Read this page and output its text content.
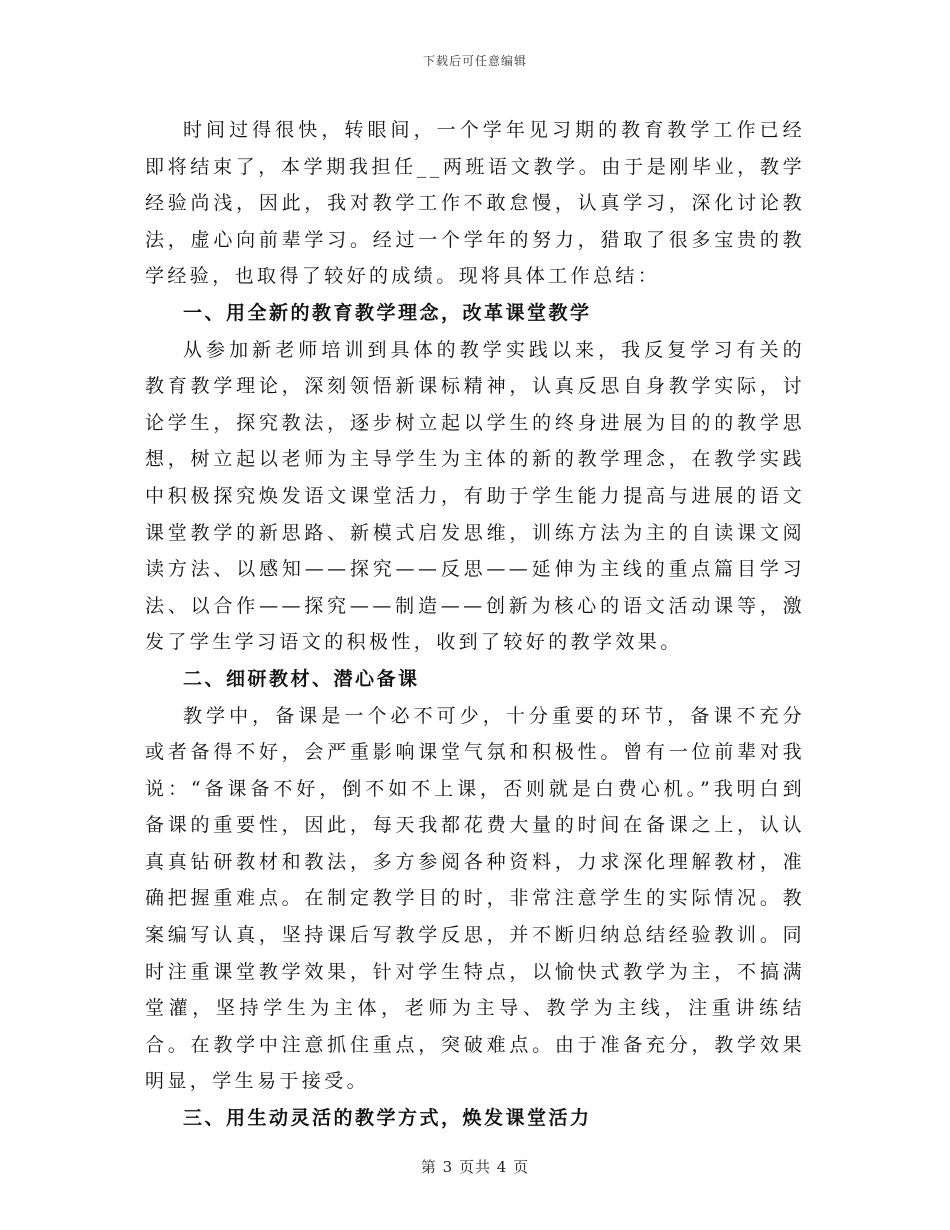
下载后可任意编辑

时间过得很快，转眼间，一个学年见习期的教育教学工作已经即将结束了，本学期我担任__两班语文教学。由于是刚毕业，教学经验尚浅，因此，我对教学工作不敢怠慢，认真学习，深化讨论教法，虚心向前辈学习。经过一个学年的努力，猎取了很多宝贵的教学经验，也取得了较好的成绩。现将具体工作总结：

一、用全新的教育教学理念，改革课堂教学

从参加新老师培训到具体的教学实践以来，我反复学习有关的教育教学理论，深刻领悟新课标精神，认真反思自身教学实际，讨论学生，探究教法，逐步树立起以学生的终身进展为目的的教学思想，树立起以老师为主导学生为主体的新的教学理念，在教学实践中积极探究焕发语文课堂活力，有助于学生能力提高与进展的语文课堂教学的新思路、新模式启发思维，训练方法为主的自读课文阅读方法、以感知——探究——反思——延伸为主线的重点篇目学习法、以合作——探究——制造——创新为核心的语文活动课等，激发了学生学习语文的积极性，收到了较好的教学效果。

二、细研教材、潜心备课

教学中，备课是一个必不可少，十分重要的环节，备课不充分或者备得不好，会严重影响课堂气氛和积极性。曾有一位前辈对我说：“备课备不好，倒不如不上课，否则就是白费心机。”我明白到备课的重要性，因此，每天我都花费大量的时间在备课之上，认认真真钻研教材和教法，多方参阅各种资料，力求深化理解教材，准确把握重难点。在制定教学目的时，非常注意学生的实际情况。教案编写认真，坚持课后写教学反思，并不断归纳总结经验教训。同时注重课堂教学效果，针对学生特点，以愉快式教学为主，不搞满堂灌，坚持学生为主体，老师为主导、教学为主线，注重讲练结合。在教学中注意抓住重点，突破难点。由于准备充分，教学效果明显，学生易于接受。

三、用生动灵活的教学方式，焕发课堂活力

第 3 页共 4 页
